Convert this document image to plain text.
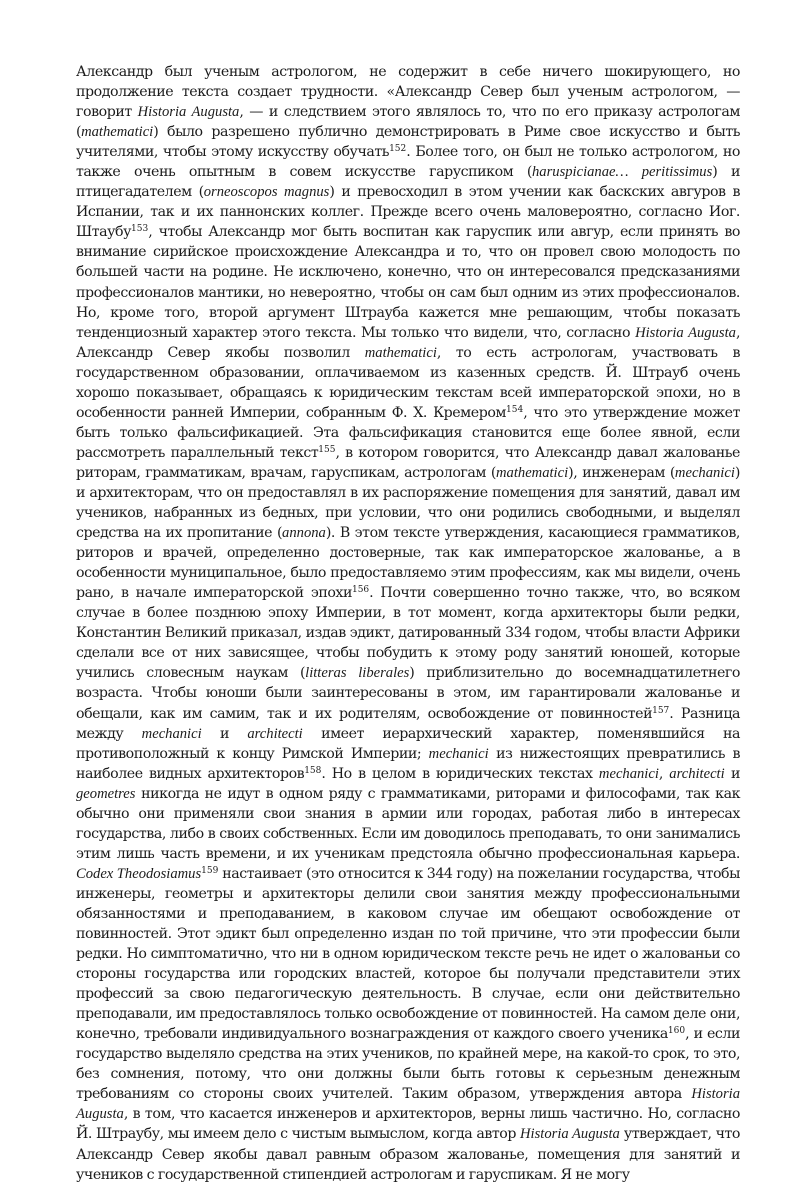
Александр был ученым астрологом, не содержит в себе ничего шокирующего, но продолжение текста создает трудности. «Александр Север был ученым астрологом, — говорит Historia Augusta, — и следствием этого являлось то, что по его приказу астрологам (mathematici) было разрешено публично демонстрировать в Риме свое искусство и быть учителями, чтобы этому искусству обучать$^{152}$. Более того, он был не только астрологом, но также очень опытным в совем искусстве гаруспиком (haruspicianae… peritissimus) и птицегадателем (orneoscopos magnus) и превосходил в этом учении как баскских авгуров в Испании, так и их паннонских коллег. Прежде всего очень маловероятно, согласно Иог. Штаубу$^{153}$, чтобы Александр мог быть воспитан как гаруспик или авгур, если принять во внимание сирийское происхождение Александра и то, что он провел свою молодость по большей части на родине. Не исключено, конечно, что он интересовался предсказаниями профессионалов мантики, но невероятно, чтобы он сам был одним из этих профессионалов. Но, кроме того, второй аргумент Штрауба кажется мне решающим, чтобы показать тенденциозный характер этого текста. Мы только что видели, что, согласно Historia Augusta, Александр Север якобы позволил mathematici, то есть астрологам, участвовать в государственном образовании, оплачиваемом из казенных средств. Й. Штрауб очень хорошо показывает, обращаясь к юридическим текстам всей императорской эпохи, но в особенности ранней Империи, собранным Ф. Х. Кремером$^{154}$, что это утверждение может быть только фальсификацией. Эта фальсификация становится еще более явной, если рассмотреть параллельный текст$^{155}$, в котором говорится, что Александр давал жалованье риторам, грамматикам, врачам, гаруспикам, астрологам (mathematici), инженерам (mechanici) и архитекторам, что он предоставлял в их распоряжение помещения для занятий, давал им учеников, набранных из бедных, при условии, что они родились свободными, и выделял средства на их пропитание (annona). В этом тексте утверждения, касающиеся грамматиков, риторов и врачей, определенно достоверные, так как императорское жалованье, а в особенности муниципальное, было предоставляемо этим профессиям, как мы видели, очень рано, в начале императорской эпохи$^{156}$. Почти совершенно точно также, что, во всяком случае в более позднюю эпоху Империи, в тот момент, когда архитекторы были редки, Константин Великий приказал, издав эдикт, датированный 334 годом, чтобы власти Африки сделали все от них зависящее, чтобы побудить к этому роду занятий юношей, которые учились словесным наукам (litteras liberales) приблизительно до восемнадцатилетнего возраста. Чтобы юноши были заинтересованы в этом, им гарантировали жалованье и обещали, как им самим, так и их родителям, освобождение от повинностей$^{157}$. Разница между mechanici и architecti имеет иерархический характер, поменявшийся на противоположный к концу Римской Империи; mechanici из нижестоящих превратились в наиболее видных архитекторов$^{158}$. Но в целом в юридических текстах mechanici, architecti и geometres никогда не идут в одном ряду с грамматиками, риторами и философами, так как обычно они применяли свои знания в армии или городах, работая либо в интересах государства, либо в своих собственных. Если им доводилось преподавать, то они занимались этим лишь часть времени, и их ученикам предстояла обычно профессиональная карьера. Codex Theodosiamus$^{159}$ настаивает (это относится к 344 году) на пожелании государства, чтобы инженеры, геометры и архитекторы делили свои занятия между профессиональными обязанностями и преподаванием, в каковом случае им обещают освобождение от повинностей. Этот эдикт был определенно издан по той причине, что эти профессии были редки. Но симптоматично, что ни в одном юридическом тексте речь не идет о жалованьи со стороны государства или городских властей, которое бы получали представители этих профессий за свою педагогическую деятельность. В случае, если они действительно преподавали, им предоставлялось только освобождение от повинностей. На самом деле они, конечно, требовали индивидуального вознаграждения от каждого своего ученика$^{160}$, и если государство выделяло средства на этих учеников, по крайней мере, на какой-то срок, то это, без сомнения, потому, что они должны были быть готовы к серьезным денежным требованиям со стороны своих учителей. Таким образом, утверждения автора Historia Augusta, в том, что касается инженеров и архитекторов, верны лишь частично. Но, согласно Й. Штраубу, мы имеем дело с чистым вымыслом, когда автор Historia Augusta утверждает, что Александр Север якобы давал равным образом жалованье, помещения для занятий и учеников с государственной стипендией астрологам и гаруспикам. Я не могу
